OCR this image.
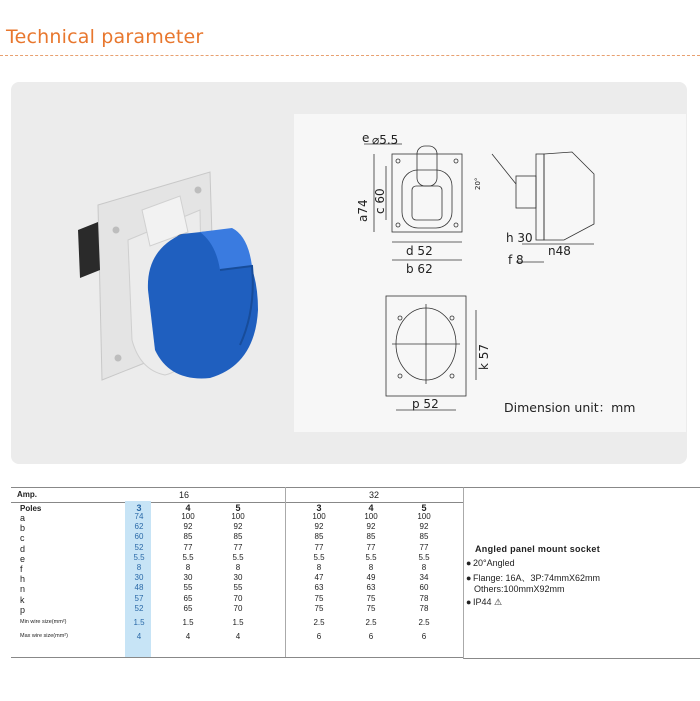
Technical parameter
e ⌀5.5
a74 c 60
d 52
b 62
h 30
n48
f 8
20°
k 57
p 52	Dimension unit：mm
Amp.	16	32
Poles	3	4	5	3	4	5
a	74	100	100	100	100	100
b	62	92	92	92	92	92
c	60	85	85	85	85	85
d	52	77	77	77	77	77
e	5.5	5.5	5.5	5.5	5.5	5.5
f	8	8	8	8	8	8
h	30	30	30	47	49	34
n	48	55	55	63	63	60
k	57	65	70	75	75	78
p	52	65	70	75	75	78
Min wire size(mm²)	1.5	1.5	1.5	2.5	2.5	2.5
Max wire size(mm²)	4	4	4	6	6	6
Angled panel mount socket
● 20°Angled
● Flange: 16A、3P:74mmX62mm
Others:100mmX92mm
● IP44 ⚠
